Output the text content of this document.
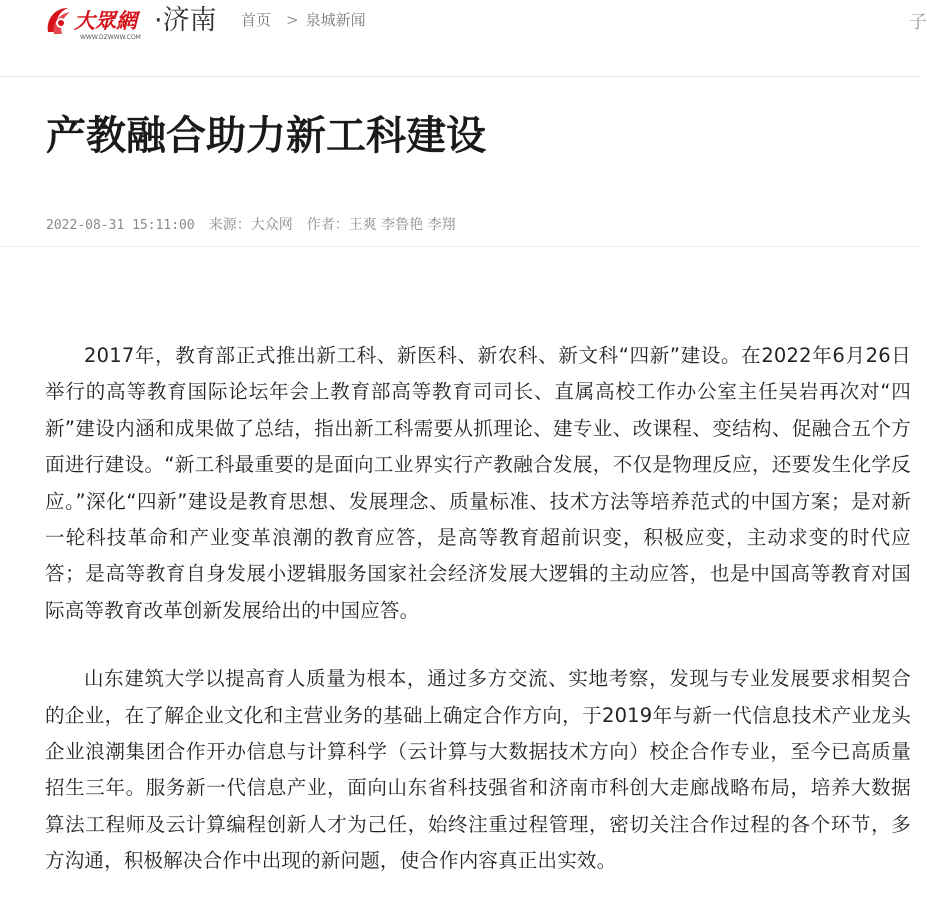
大眾網
WWW.DZWWW.COM
·济南 首页 > 泉城新闻	子
产教融合助力新工科建设
2022-08-31 15:11:00 来源：大众网 作者：王爽 李鲁艳 李翔

2017年，教育部正式推出新工科、新医科、新农科、新文科“四新”建设。在2022年6月26日举行的高等教育国际论坛年会上教育部高等教育司司长、直属高校工作办公室主任吴岩再次对“四新”建设内涵和成果做了总结，指出新工科需要从抓理论、建专业、改课程、变结构、促融合五个方面进行建设。“新工科最重要的是面向工业界实行产教融合发展，不仅是物理反应，还要发生化学反应。”深化“四新”建设是教育思想、发展理念、质量标准、技术方法等培养范式的中国方案；是对新一轮科技革命和产业变革浪潮的教育应答，是高等教育超前识变，积极应变，主动求变的时代应答；是高等教育自身发展小逻辑服务国家社会经济发展大逻辑的主动应答，也是中国高等教育对国际高等教育改革创新发展给出的中国应答。

山东建筑大学以提高育人质量为根本，通过多方交流、实地考察，发现与专业发展要求相契合的企业，在了解企业文化和主营业务的基础上确定合作方向，于2019年与新一代信息技术产业龙头企业浪潮集团合作开办信息与计算科学（云计算与大数据技术方向）校企合作专业，至今已高质量招生三年。服务新一代信息产业，面向山东省科技强省和济南市科创大走廊战略布局，培养大数据算法工程师及云计算编程创新人才为己任，始终注重过程管理，密切关注合作过程的各个环节，多方沟通，积极解决合作中出现的新问题，使合作内容真正出实效。
